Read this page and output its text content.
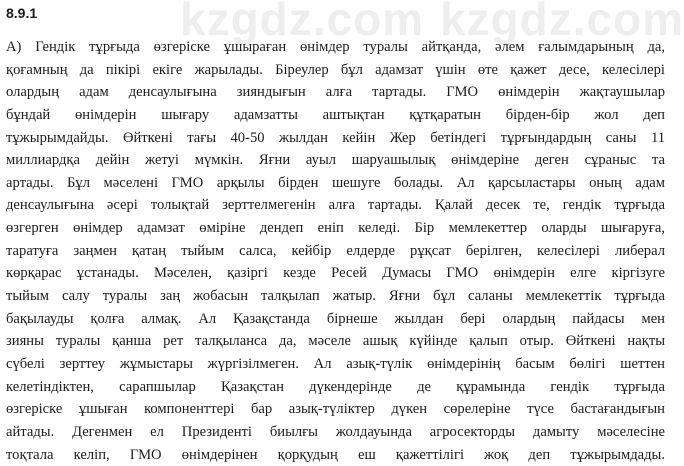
kzgdz.com kzgdz.com
8.9.1
А) Гендік тұрғыда өзгеріске ұшыраған өнімдер туралы айтқанда, әлем ғалымдарының да,
қоғамның да пікірі екіге жарылады. Біреулер бұл адамзат үшін өте қажет десе, келесілері
олардың адам денсаулығына зияндығын алға тартады. ГМО өнімдерін жақтаушылар
бұндай өнімдерін шығару адамзатты аштықтан құтқаратын бірден-бір жол деп
тұжырымдайды. Өйткені тағы 40-50 жылдан кейін Жер бетіндегі тұрғындардың саны 11
миллиардқа дейін жетуі мүмкін. Яғни ауыл шаруашылық өнімдеріне деген сұраныс та
артады. Бұл мәселені ГМО арқылы бірден шешуге болады. Ал қарсыластары оның адам
денсаулығына әсері толықтай зерттелмегенін алға тартады. Қалай десек те, гендік тұрғыда
өзгерген өнімдер адамзат өміріне дендеп еніп келеді. Бір мемлекеттер оларды шығаруға,
таратуға заңмен қатаң тыйым салса, кейбір елдерде рұқсат берілген, келесілері либерал
көрқарас ұстанады. Мәселен, қазіргі кезде Ресей Думасы ГМО өнімдерін елге кіргізуге
тыйым салу туралы заң жобасын талқылап жатыр. Яғни бұл саланы мемлекеттік тұрғыда
бақылауды қолға алмақ. Ал Қазақстанда бірнеше жылдан бері олардың пайдасы мен
зияны туралы қанша рет талқыланса да, мәселе ашық күйінде қалып отыр. Өйткені нақты
сүбелі зерттеу жұмыстары жүргізілмеген. Ал азық-түлік өнімдерінің басым бөлігі шеттен
келетіндіктен, сарапшылар Қазақстан дүкендерінде де құрамында гендік тұрғыда
өзгеріске ұшыған компоненттері бар азық-түліктер дүкен сөрелеріне түсе бастағандығын
айтады. Дегенмен ел Президенті биылғы жолдауында агросекторды дамыту мәселесіне
тоқтала келіп, ГМО өнімдерінен қорқудың еш қажеттілігі жоқ деп тұжырымдады.
